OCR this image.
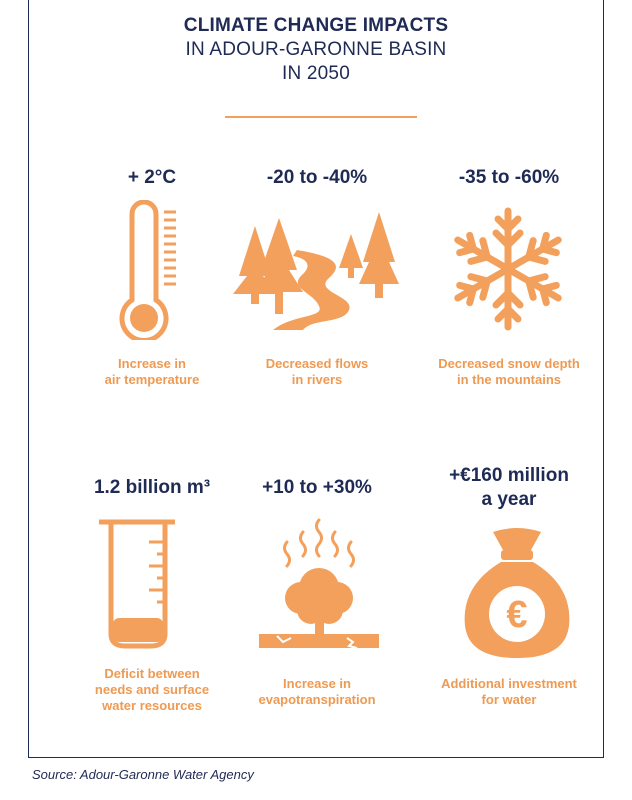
CLIMATE CHANGE IMPACTS
IN ADOUR-GARONNE BASIN
IN 2050
+ 2°C
Increase in
air temperature
-20 to -40%
Decreased flows
in rivers
-35 to -60%
Decreased snow depth
in the mountains
1.2 billion m³
Deficit between
needs and surface
water resources
+10 to +30%
Increase in
evapotranspiration
+€160 million
a year
Additional investment
for water
€
Source: Adour-Garonne Water Agency
